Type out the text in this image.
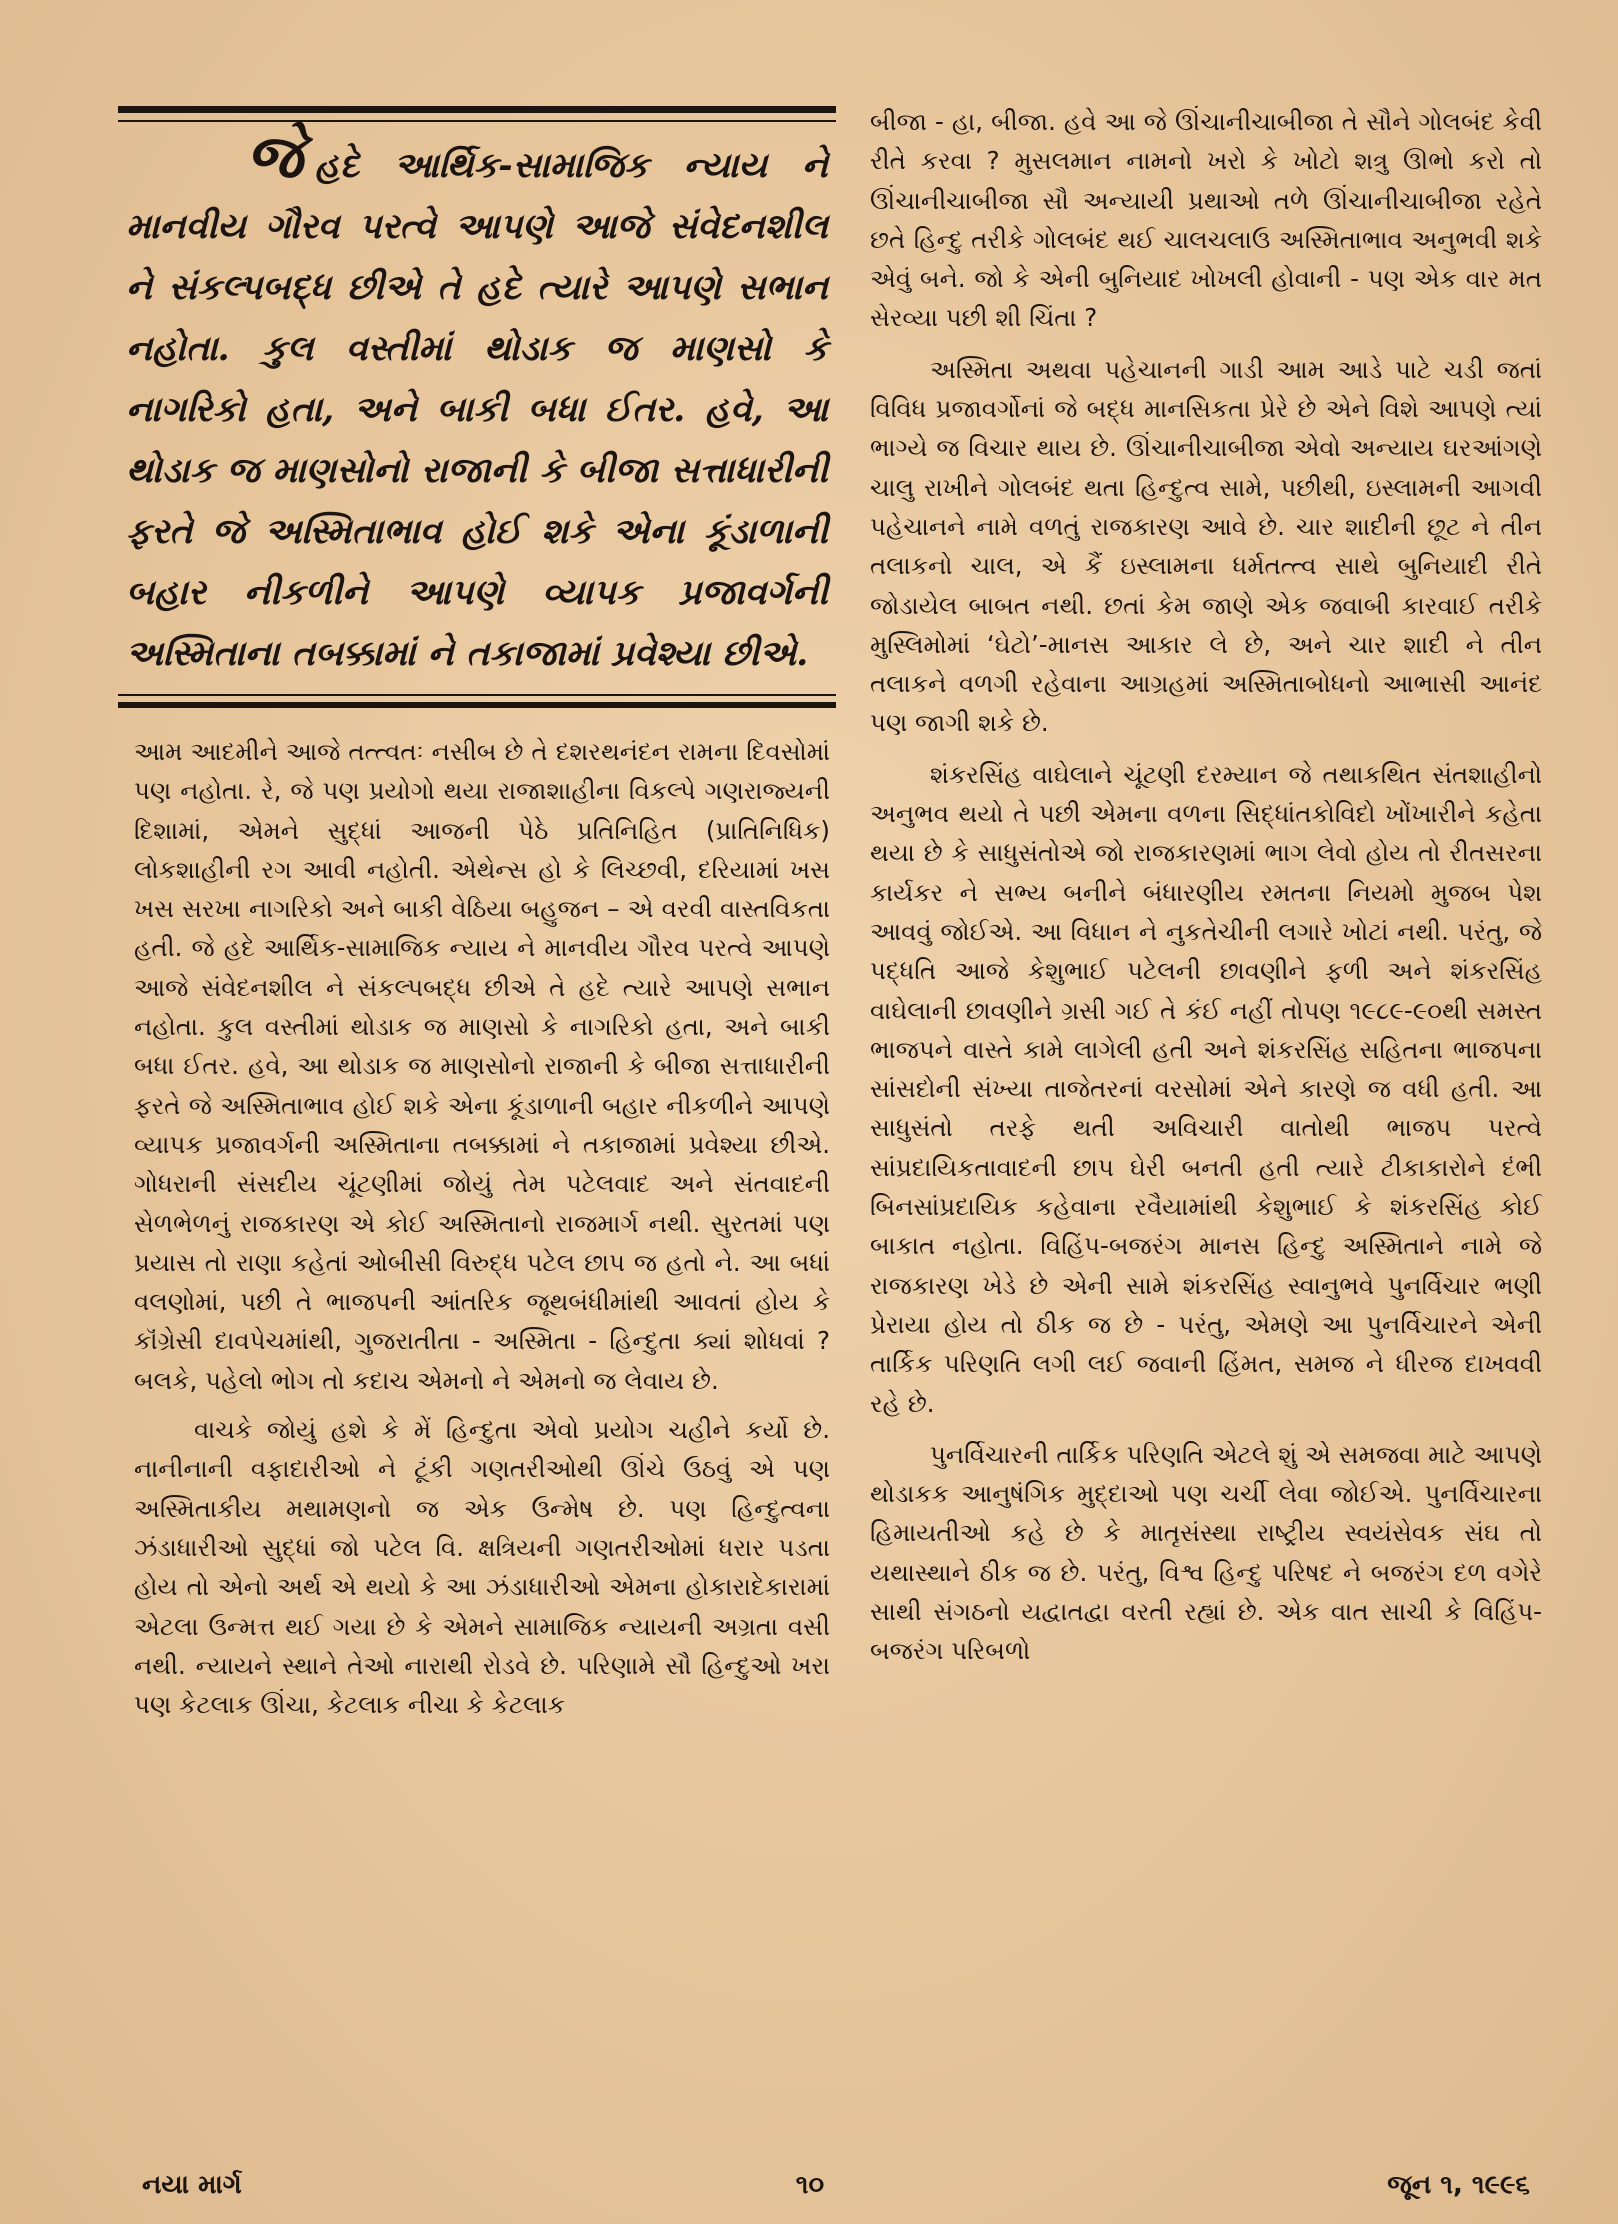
જેહદે આર્થિક-સામાજિક ન્યાય ને માનવીય ગૌરવ પરત્વે આપણે આજે સંવેદનશીલ ને સંકલ્પબદ્ધ છીએ તે હદે ત્યારે આપણે સભાન નહોતા. કુલ વસ્તીમાં થોડાક જ માણસો કે નાગરિકો હતા, અને બાકી બધા ઈતર. હવે, આ થોડાક જ માણસોનો રાજાની કે બીજા સત્તાધારીની ફરતે જે અસ્મિતાભાવ હોઈ શકે એના કૂંડાળાની બહાર નીકળીને આપણે વ્યાપક પ્રજાવર્ગની અસ્મિતાના તબક્કામાં ને તકાજામાં પ્રવેશ્યા છીએ.

આમ આદમીને આજે તત્ત્વતઃ નસીબ છે તે દશરથનંદન રામના દિવસોમાં પણ નહોતા. રે, જે પણ પ્રયોગો થયા રાજાશાહીના વિકલ્પે ગણરાજ્યની દિશામાં, એમને સુદ્ધાં આજની પેઠે પ્રતિનિહિત (પ્રાતિનિધિક) લોકશાહીની રગ આવી નહોતી. એથેન્સ હો કે લિચ્છવી, દરિયામાં ખસ ખસ સરખા નાગરિકો અને બાકી વેઠિયા બહુજન – એ વરવી વાસ્તવિકતા હતી. જે હદે આર્થિક-સામાજિક ન્યાય ને માનવીય ગૌરવ પરત્વે આપણે આજે સંવેદનશીલ ને સંકલ્પબદ્ધ છીએ તે હદે ત્યારે આપણે સભાન નહોતા. કુલ વસ્તીમાં થોડાક જ માણસો કે નાગરિકો હતા, અને બાકી બધા ઈતર. હવે, આ થોડાક જ માણસોનો રાજાની કે બીજા સત્તાધારીની ફરતે જે અસ્મિતાભાવ હોઈ શકે એના કૂંડાળાની બહાર નીકળીને આપણે વ્યાપક પ્રજાવર્ગની અસ્મિતાના તબક્કામાં ને તકાજામાં પ્રવેશ્યા છીએ. ગોધરાની સંસદીય ચૂંટણીમાં જોયું તેમ પટેલવાદ અને સંતવાદની સેળભેળનું રાજકારણ એ કોઈ અસ્મિતાનો રાજમાર્ગ નથી. સુરતમાં પણ પ્રયાસ તો રાણા કહેતાં ઓબીસી વિરુદ્ધ પટેલ છાપ જ હતો ને. આ બધાં વલણોમાં, પછી તે ભાજપની આંતરિક જૂથબંધીમાંથી આવતાં હોય કે કૉંગ્રેસી દાવપેચમાંથી, ગુજરાતીતા - અસ્મિતા - હિન્દુતા ક્યાં શોધવાં ? બલકે, પહેલો ભોગ તો કદાચ એમનો ને એમનો જ લેવાય છે.

વાચકે જોયું હશે કે મેં હિન્દુતા એવો પ્રયોગ ચહીને કર્યો છે. નાનીનાની વફાદારીઓ ને ટૂંકી ગણતરીઓથી ઊંચે ઉઠવું એ પણ અસ્મિતાકીય મથામણનો જ એક ઉન્મેષ છે. પણ હિન્દુત્વના ઝંડાધારીઓ સુદ્ધાં જો પટેલ વિ. ક્ષત્રિયની ગણતરીઓમાં ધરાર પડતા હોય તો એનો અર્થ એ થયો કે આ ઝંડાધારીઓ એમના હોકારાદેકારામાં એટલા ઉન્મત્ત થઈ ગયા છે કે એમને સામાજિક ન્યાયની અગ્રતા વસી નથી. ન્યાયને સ્થાને તેઓ નારાથી રોડવે છે. પરિણામે સૌ હિન્દુઓ ખરા પણ કેટલાક ઊંચા, કેટલાક નીચા કે કેટલાક

બીજા - હા, બીજા. હવે આ જે ઊંચાનીચાબીજા તે સૌને ગોલબંદ કેવી રીતે કરવા ? મુસલમાન નામનો ખરો કે ખોટો શત્રુ ઊભો કરો તો ઊંચાનીચાબીજા સૌ અન્યાયી પ્રથાઓ તળે ઊંચાનીચાબીજા રહેતે છતે હિન્દુ તરીકે ગોલબંદ થઈ ચાલચલાઉ અસ્મિતાભાવ અનુભવી શકે એવું બને. જો કે એની બુનિયાદ ખોખલી હોવાની - પણ એક વાર મત સેરવ્યા પછી શી ચિંતા ?

અસ્મિતા અથવા પહેચાનની ગાડી આમ આડે પાટે ચડી જતાં વિવિધ પ્રજાવર્ગોનાં જે બદ્ધ માનસિકતા પ્રેરે છે એને વિશે આપણે ત્યાં ભાગ્યે જ વિચાર થાય છે. ઊંચાનીચાબીજા એવો અન્યાય ઘરઆંગણે ચાલુ રાખીને ગોલબંદ થતા હિન્દુત્વ સામે, પછીથી, ઇસ્લામની આગવી પહેચાનને નામે વળતું રાજકારણ આવે છે. ચાર શાદીની છૂટ ને તીન તલાકનો ચાલ, એ કૈં ઇસ્લામના ધર્મતત્ત્વ સાથે બુનિયાદી રીતે જોડાયેલ બાબત નથી. છતાં કેમ જાણે એક જવાબી કારવાઈ તરીકે મુસ્લિમોમાં ‘ઘેટો’-માનસ આકાર લે છે, અને ચાર શાદી ને તીન તલાકને વળગી રહેવાના આગ્રહમાં અસ્મિતાબોધનો આભાસી આનંદ પણ જાગી શકે છે.

શંકરસિંહ વાઘેલાને ચૂંટણી દરમ્યાન જે તથાકથિત સંતશાહીનો અનુભવ થયો તે પછી એમના વળના સિદ્ધાંતકોવિદો ખોંખારીને કહેતા થયા છે કે સાધુસંતોએ જો રાજકારણમાં ભાગ લેવો હોય તો રીતસરના કાર્યકર ને સભ્ય બનીને બંધારણીય રમતના નિયમો મુજબ પેશ આવવું જોઈએ. આ વિધાન ને નુકતેચીની લગારે ખોટાં નથી. પરંતુ, જે પદ્ધતિ આજે કેશુભાઈ પટેલની છાવણીને ફળી અને શંકરસિંહ વાઘેલાની છાવણીને ગ્રસી ગઈ તે કંઈ નહીં તોપણ ૧૯૮૯-૯૦થી સમસ્ત ભાજપને વાસ્તે કામે લાગેલી હતી અને શંકરસિંહ સહિતના ભાજપના સાંસદોની સંખ્યા તાજેતરનાં વરસોમાં એને કારણે જ વધી હતી. આ સાધુસંતો તરફે થતી અવિચારી વાતોથી ભાજપ પરત્વે સાંપ્રદાયિકતાવાદની છાપ ઘેરી બનતી હતી ત્યારે ટીકાકારોને દંભી બિનસાંપ્રદાયિક કહેવાના રવૈયામાંથી કેશુભાઈ કે શંકરસિંહ કોઈ બાકાત નહોતા. વિહિંપ-બજરંગ માનસ હિન્દુ અસ્મિતાને નામે જે રાજકારણ ખેડે છે એની સામે શંકરસિંહ સ્વાનુભવે પુનર્વિચાર ભણી પ્રેરાયા હોય તો ઠીક જ છે - પરંતુ, એમણે આ પુનર્વિચારને એની તાર્કિક પરિણતિ લગી લઈ જવાની હિંમત, સમજ ને ધીરજ દાખવવી રહે છે.

પુનર્વિચારની તાર્કિક પરિણતિ એટલે શું એ સમજવા માટે આપણે થોડાકક આનુષંગિક મુદ્દાઓ પણ ચર્ચી લેવા જોઈએ. પુનર્વિચારના હિમાયતીઓ કહે છે કે માતૃસંસ્થા રાષ્ટ્રીય સ્વયંસેવક સંઘ તો યથાસ્થાને ઠીક જ છે. પરંતુ, વિશ્વ હિન્દુ પરિષદ ને બજરંગ દળ વગેરે સાથી સંગઠનો યદ્વાતદ્વા વરતી રહ્યાં છે. એક વાત સાચી કે વિહિંપ-બજરંગ પરિબળો

નયા માર્ગ	૧૦	જૂન ૧, ૧૯૯૬
